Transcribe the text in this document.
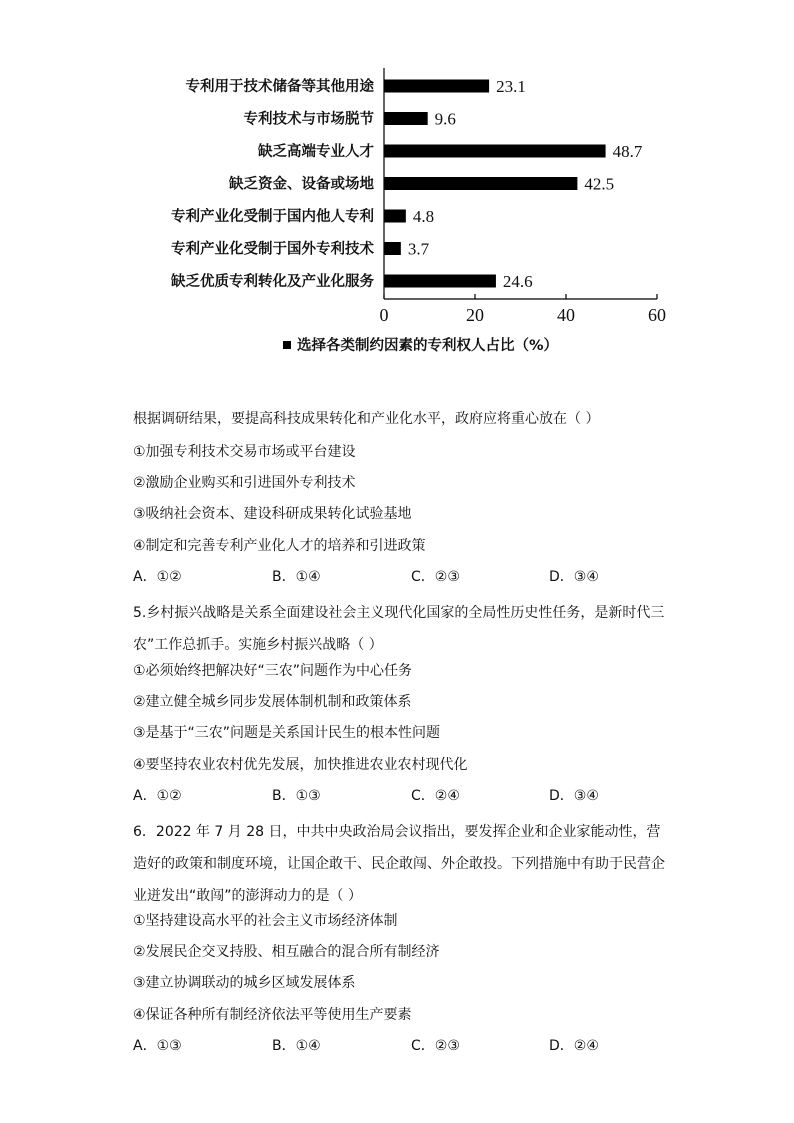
专利用于技术储备等其他用途	23.1
专利技术与市场脱节	9.6
缺乏高端专业人才	48.7
缺乏资金、设备或场地	42.5
专利产业化受制于国内他人专利 4.8
专利产业化受制于国外专利技术 3.7
缺乏优质专利转化及产业化服务	24.6
0	20	40	60
选择各类制约因素的专利权人占比（%）
根据调研结果，要提高科技成果转化和产业化水平，政府应将重心放在（ ）
①加强专利技术交易市场或平台建设
②激励企业购买和引进国外专利技术
③吸纳社会资本、建设科研成果转化试验基地
④制定和完善专利产业化人才的培养和引进政策
A．①②	B．①④	C．②③	D．③④
5.乡村振兴战略是关系全面建设社会主义现代化国家的全局性历史性任务，是新时代三农”工作总抓手。实施乡村振兴战略（ ）
①必须始终把解决好“三农”问题作为中心任务
②建立健全城乡同步发展体制机制和政策体系
③是基于“三农”问题是关系国计民生的根本性问题
④要坚持农业农村优先发展，加快推进农业农村现代化
A．①②	B．①③	C．②④	D．③④
6．2022 年 7 月 28 日，中共中央政治局会议指出，要发挥企业和企业家能动性，营造好的政策和制度环境，让国企敢干、民企敢闯、外企敢投。下列措施中有助于民营企业迸发出“敢闯”的澎湃动力的是（ ）
①坚持建设高水平的社会主义市场经济体制
②发展民企交叉持股、相互融合的混合所有制经济
③建立协调联动的城乡区域发展体系
④保证各种所有制经济依法平等使用生产要素
A．①③	B．①④	C．②③	D．②④
